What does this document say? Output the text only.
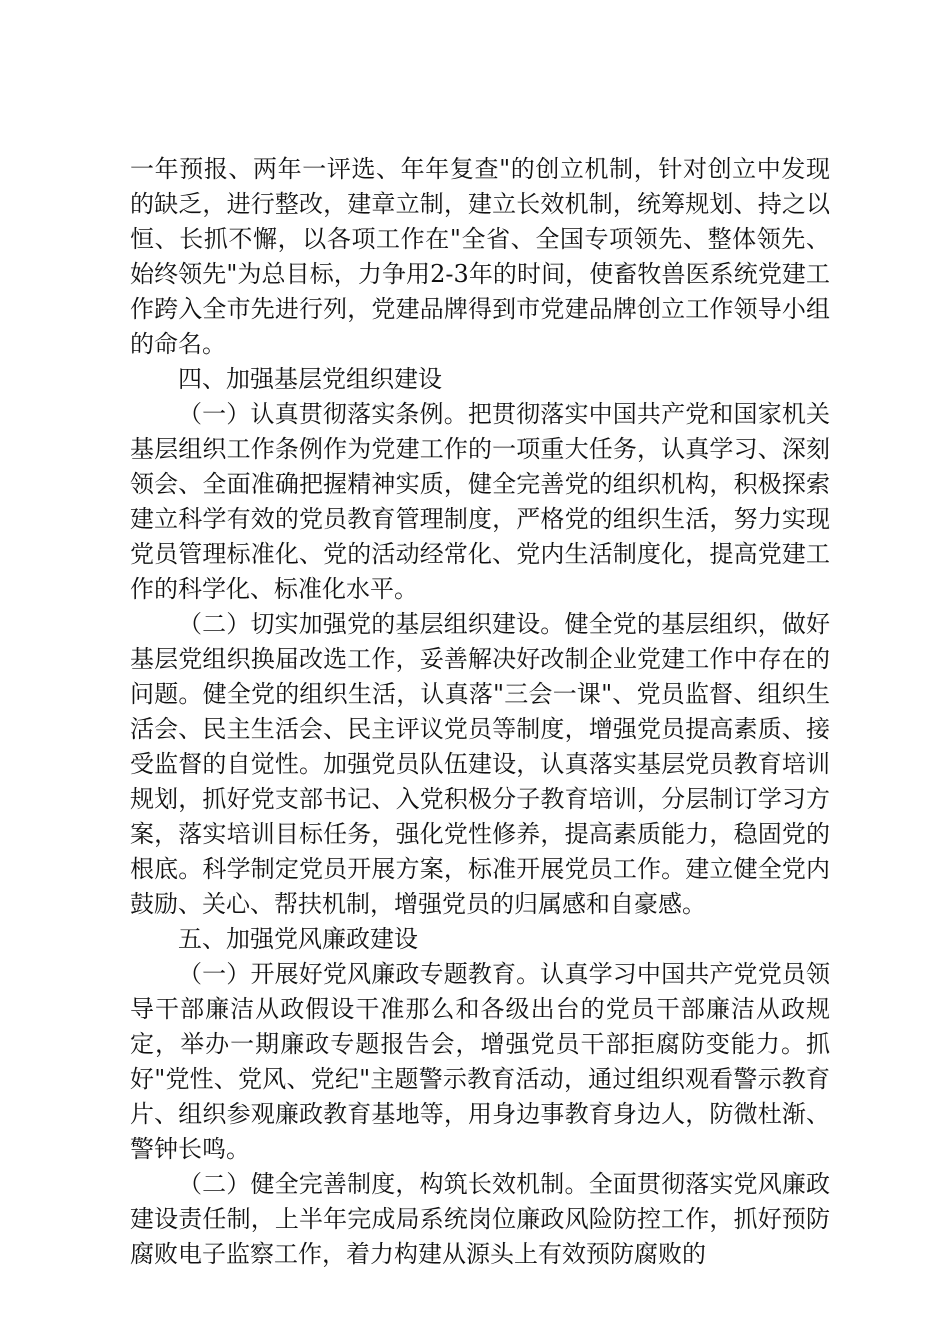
一年预报、两年一评选、年年复查"的创立机制，针对创立中发现的缺乏，进行整改，建章立制，建立长效机制，统筹规划、持之以恒、长抓不懈，以各项工作在"全省、全国专项领先、整体领先、始终领先"为总目标，力争用2-3年的时间，使畜牧兽医系统党建工作跨入全市先进行列，党建品牌得到市党建品牌创立工作领导小组的命名。

四、加强基层党组织建设

（一）认真贯彻落实条例。把贯彻落实中国共产党和国家机关基层组织工作条例作为党建工作的一项重大任务，认真学习、深刻领会、全面准确把握精神实质，健全完善党的组织机构，积极探索建立科学有效的党员教育管理制度，严格党的组织生活，努力实现党员管理标准化、党的活动经常化、党内生活制度化，提高党建工作的科学化、标准化水平。

（二）切实加强党的基层组织建设。健全党的基层组织，做好基层党组织换届改选工作，妥善解决好改制企业党建工作中存在的问题。健全党的组织生活，认真落"三会一课"、党员监督、组织生活会、民主生活会、民主评议党员等制度，增强党员提高素质、接受监督的自觉性。加强党员队伍建设，认真落实基层党员教育培训规划，抓好党支部书记、入党积极分子教育培训，分层制订学习方案，落实培训目标任务，强化党性修养，提高素质能力，稳固党的根底。科学制定党员开展方案，标准开展党员工作。建立健全党内鼓励、关心、帮扶机制，增强党员的归属感和自豪感。

五、加强党风廉政建设

（一）开展好党风廉政专题教育。认真学习中国共产党党员领导干部廉洁从政假设干准那么和各级出台的党员干部廉洁从政规定，举办一期廉政专题报告会，增强党员干部拒腐防变能力。抓好"党性、党风、党纪"主题警示教育活动，通过组织观看警示教育片、组织参观廉政教育基地等，用身边事教育身边人，防微杜渐、警钟长鸣。

（二）健全完善制度，构筑长效机制。全面贯彻落实党风廉政建设责任制，上半年完成局系统岗位廉政风险防控工作，抓好预防腐败电子监察工作，着力构建从源头上有效预防腐败的
